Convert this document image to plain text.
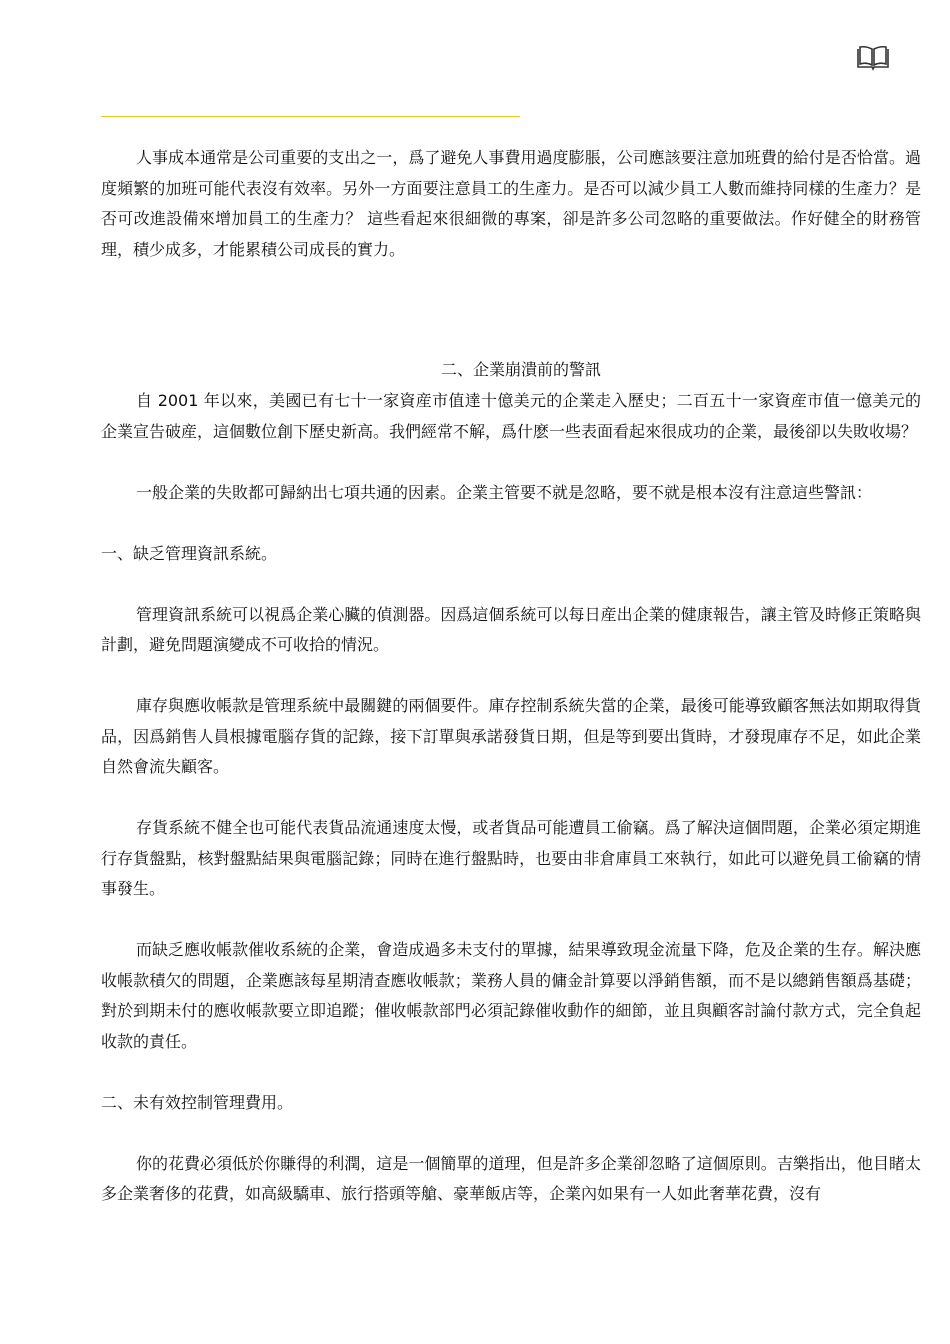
人事成本通常是公司重要的支出之一，爲了避免人事費用過度膨脹，公司應該要注意加班費的給付是否恰當。過度頻繁的加班可能代表沒有效率。另外一方面要注意員工的生產力。是否可以減少員工人數而維持同樣的生產力？是否可改進設備來增加員工的生產力？ 這些看起來很細微的專案，卻是許多公司忽略的重要做法。作好健全的財務管理，積少成多，才能累積公司成長的實力。

二、企業崩潰前的警訊

自 2001 年以來，美國已有七十一家資産市值達十億美元的企業走入歷史；二百五十一家資産市值一億美元的企業宣告破産，這個數位創下歷史新高。我們經常不解，爲什麽一些表面看起來很成功的企業，最後卻以失敗收場？

一般企業的失敗都可歸納出七項共通的因素。企業主管要不就是忽略，要不就是根本沒有注意這些警訊：

一、缺乏管理資訊系統。

管理資訊系統可以視爲企業心臟的偵測器。因爲這個系統可以每日産出企業的健康報告，讓主管及時修正策略與計劃，避免問題演變成不可收拾的情況。

庫存與應收帳款是管理系統中最關鍵的兩個要件。庫存控制系統失當的企業，最後可能導致顧客無法如期取得貨品，因爲銷售人員根據電腦存貨的記錄，接下訂單與承諾發貨日期，但是等到要出貨時，才發現庫存不足，如此企業自然會流失顧客。

存貨系統不健全也可能代表貨品流通速度太慢，或者貨品可能遭員工偷竊。爲了解決這個問題，企業必須定期進行存貨盤點，核對盤點結果與電腦記錄；同時在進行盤點時，也要由非倉庫員工來執行，如此可以避免員工偷竊的情事發生。

而缺乏應收帳款催收系統的企業，會造成過多未支付的單據，結果導致現金流量下降，危及企業的生存。解決應收帳款積欠的問題，企業應該每星期清查應收帳款；業務人員的傭金計算要以淨銷售額，而不是以總銷售額爲基礎；對於到期未付的應收帳款要立即追蹤；催收帳款部門必須記錄催收動作的細節，並且與顧客討論付款方式，完全負起收款的責任。

二、未有效控制管理費用。

你的花費必須低於你賺得的利潤，這是一個簡單的道理，但是許多企業卻忽略了這個原則。吉樂指出，他目睹太多企業奢侈的花費，如高級驕車、旅行搭頭等艙、豪華飯店等，企業內如果有一人如此奢華花費，沒有
